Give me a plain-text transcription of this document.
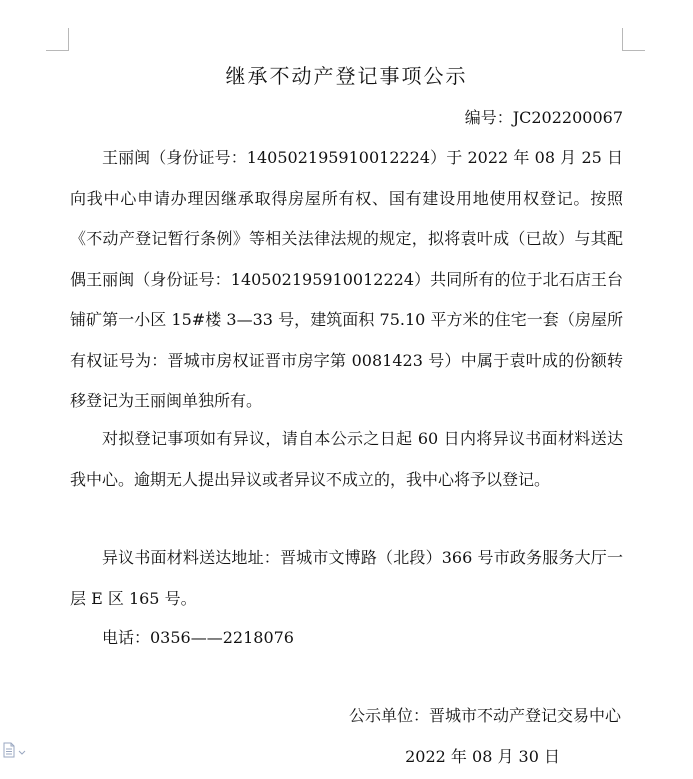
继承不动产登记事项公示
编号：JC202200067

王丽闽（身份证号：140502195910012224）于 2022 年 08 月 25 日向我中心申请办理因继承取得房屋所有权、国有建设用地使用权登记。按照《不动产登记暂行条例》等相关法律法规的规定，拟将袁叶成（已故）与其配偶王丽闽（身份证号：140502195910012224）共同所有的位于北石店王台铺矿第一小区 15#楼 3—33 号，建筑面积 75.10 平方米的住宅一套（房屋所有权证号为：晋城市房权证晋市房字第 0081423 号）中属于袁叶成的份额转移登记为王丽闽单独所有。

对拟登记事项如有异议，请自本公示之日起 60 日内将异议书面材料送达我中心。逾期无人提出异议或者异议不成立的，我中心将予以登记。

异议书面材料送达地址：晋城市文博路（北段）366 号市政务服务大厅一层 E 区 165 号。

电话：0356——2218076

公示单位：晋城市不动产登记交易中心
2022 年 08 月 30 日
